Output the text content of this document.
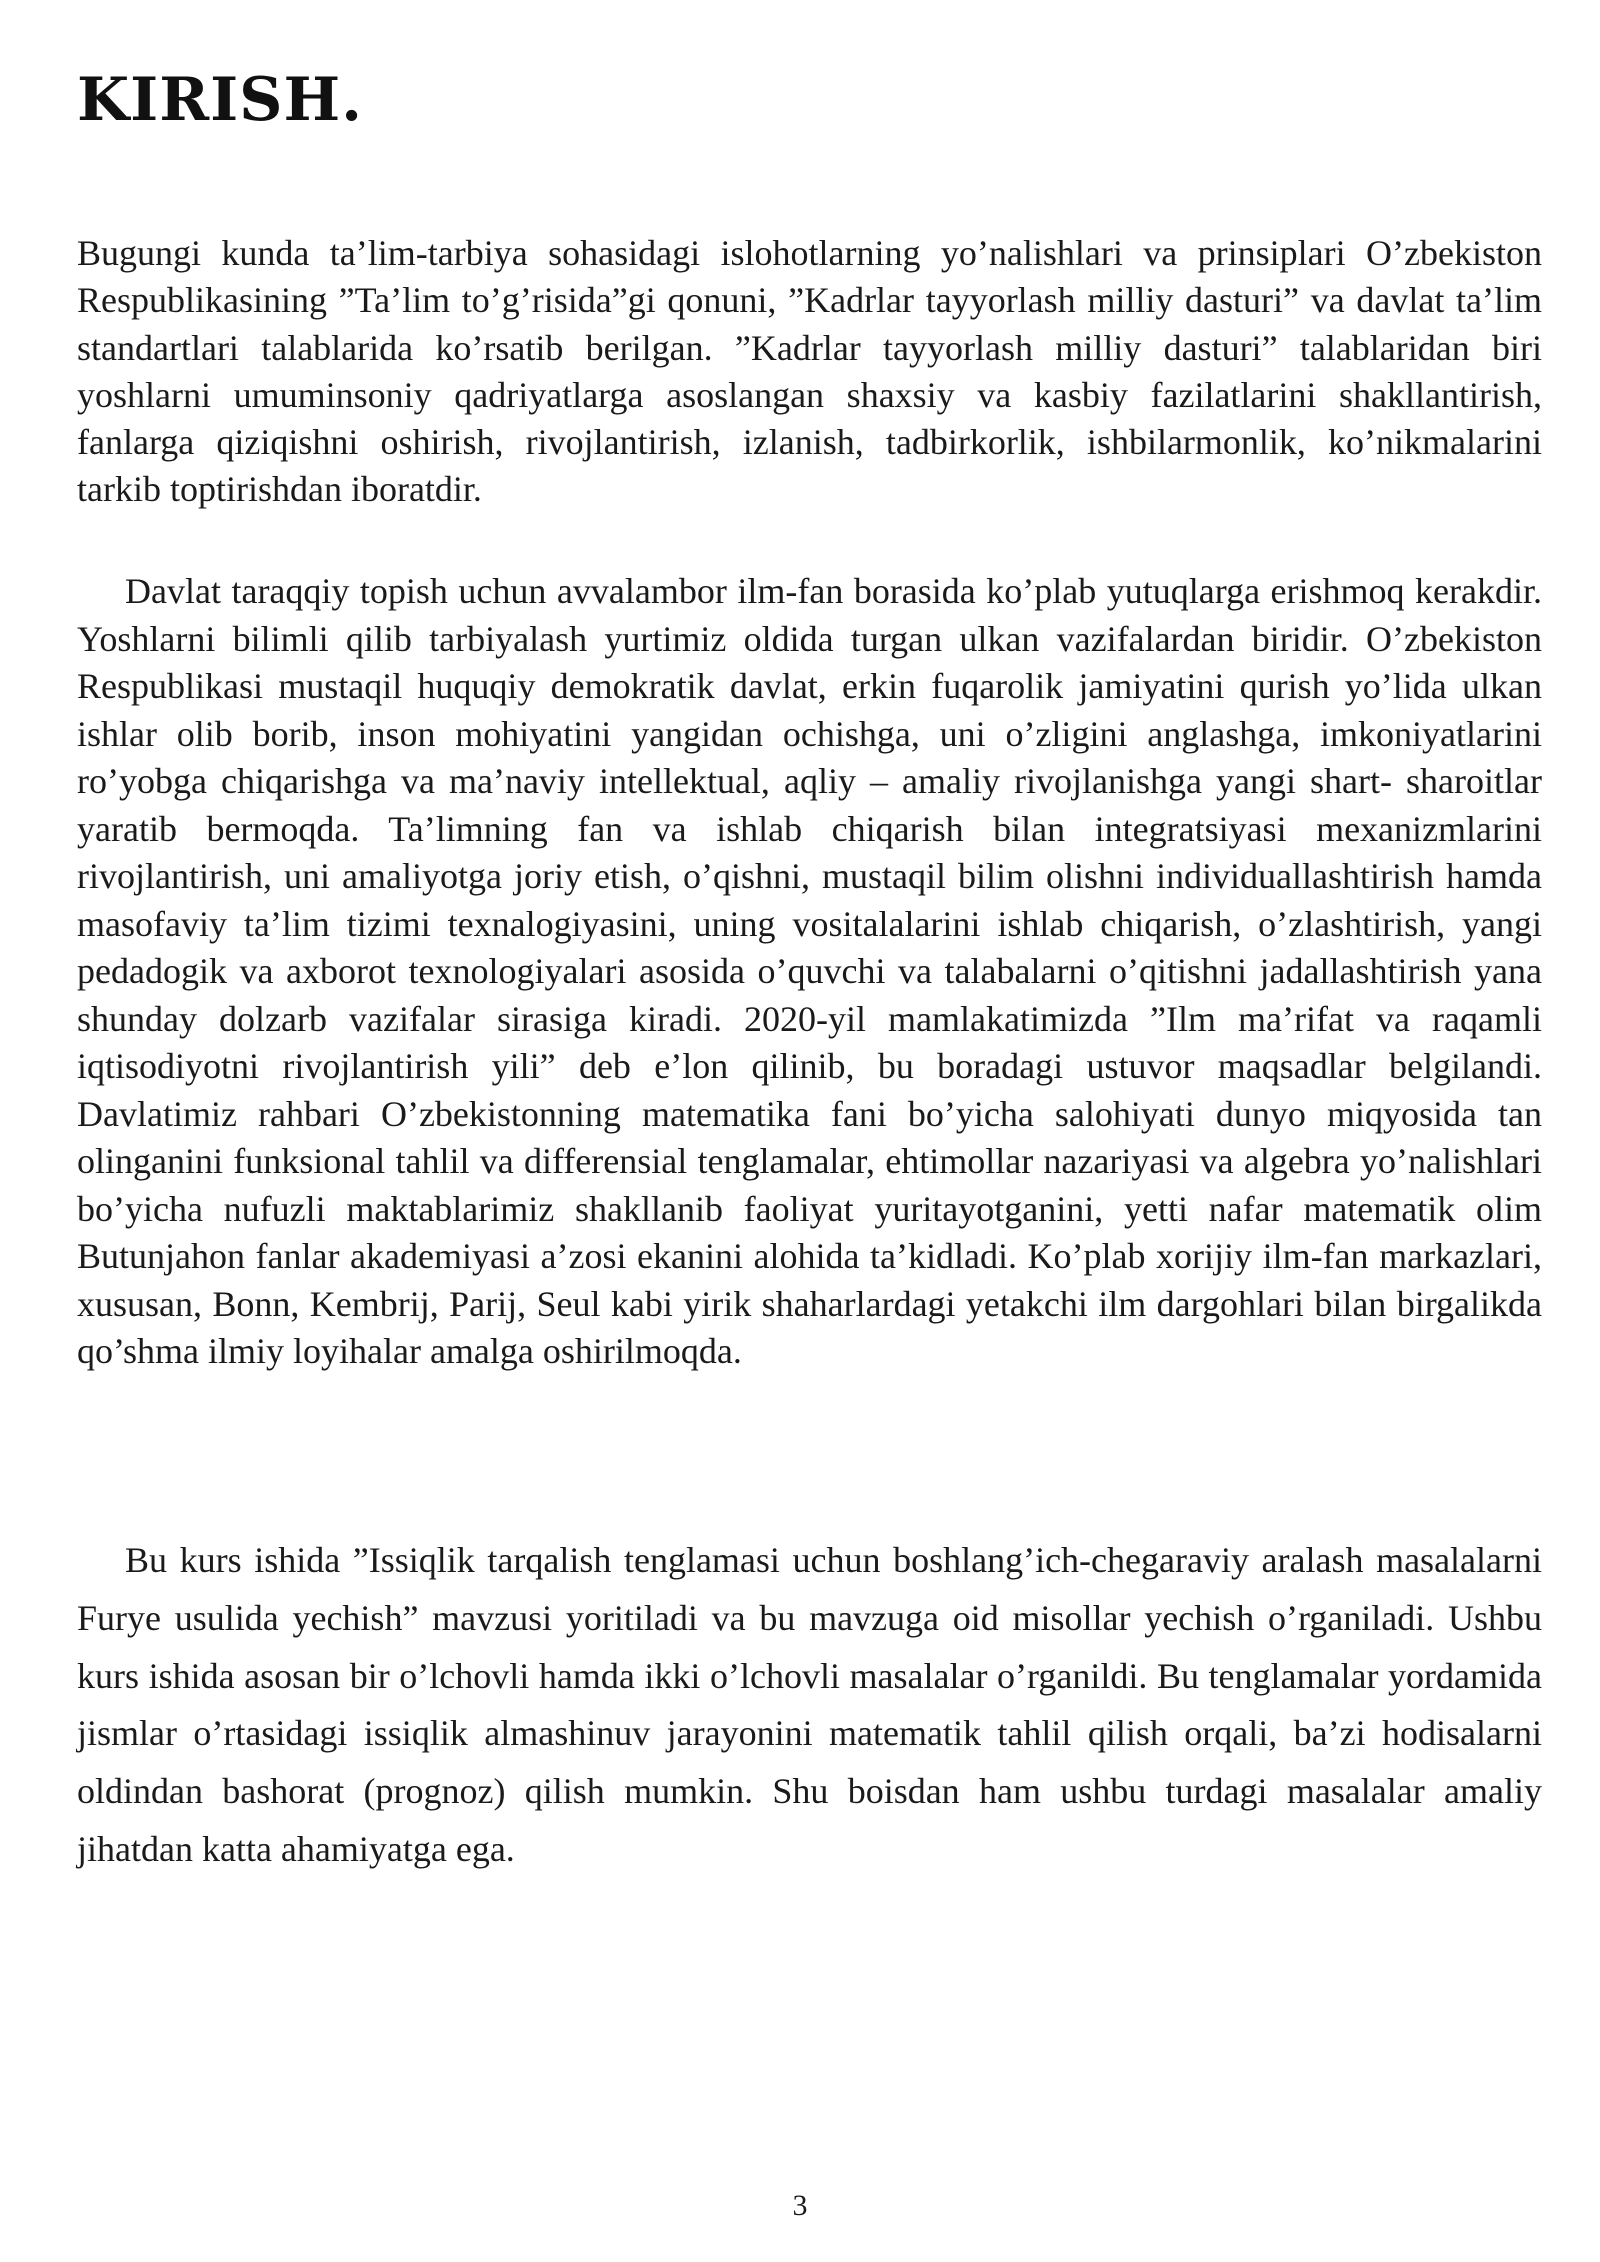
KIRISH.

Bugungi kunda ta’lim-tarbiya sohasidagi islohotlarning yo’nalishlari va prinsiplari O’zbekiston Respublikasining ”Ta’lim to’g’risida”gi qonuni, ”Kadrlar tayyorlash milliy dasturi” va davlat ta’lim standartlari talablarida ko’rsatib berilgan. ”Kadrlar tayyorlash milliy dasturi” talablaridan biri yoshlarni umuminsoniy qadriyatlarga asoslangan shaxsiy va kasbiy fazilatlarini shakllantirish, fanlarga qiziqishni oshirish, rivojlantirish, izlanish, tadbirkorlik, ishbilarmonlik, ko’nikmalarini tarkib toptirishdan iboratdir.

Davlat taraqqiy topish uchun avvalambor ilm-fan borasida ko’plab yutuqlarga erishmoq kerakdir. Yoshlarni bilimli qilib tarbiyalash yurtimiz oldida turgan ulkan vazifalardan biridir. O’zbekiston Respublikasi mustaqil huquqiy demokratik davlat, erkin fuqarolik jamiyatini qurish yo’lida ulkan ishlar olib borib, inson mohiyatini yangidan ochishga, uni o’zligini anglashga, imkoniyatlarini ro’yobga chiqarishga va ma’naviy intellektual, aqliy – amaliy rivojlanishga yangi shart- sharoitlar yaratib bermoqda. Ta’limning fan va ishlab chiqarish bilan integratsiyasi mexanizmlarini rivojlantirish, uni amaliyotga joriy etish, o’qishni, mustaqil bilim olishni individuallashtirish hamda masofaviy ta’lim tizimi texnalogiyasini, uning vositalalarini ishlab chiqarish, o’zlashtirish, yangi pedadogik va axborot texnologiyalari asosida o’quvchi va talabalarni o’qitishni jadallashtirish yana shunday dolzarb vazifalar sirasiga kiradi. 2020-yil mamlakatimizda ”Ilm ma’rifat va raqamli iqtisodiyotni rivojlantirish yili” deb e’lon qilinib, bu boradagi ustuvor maqsadlar belgilandi. Davlatimiz rahbari O’zbekistonning matematika fani bo’yicha salohiyati dunyo miqyosida tan olinganini funksional tahlil va differensial tenglamalar, ehtimollar nazariyasi va algebra yo’nalishlari bo’yicha nufuzli maktablarimiz shakllanib faoliyat yuritayotganini, yetti nafar matematik olim Butunjahon fanlar akademiyasi a’zosi ekanini alohida ta’kidladi. Ko’plab xorijiy ilm-fan markazlari, xususan, Bonn, Kembrij, Parij, Seul kabi yirik shaharlardagi yetakchi ilm dargohlari bilan birgalikda qo’shma ilmiy loyihalar amalga oshirilmoqda.

Bu kurs ishida ”Issiqlik tarqalish tenglamasi uchun boshlang’ich-chegaraviy aralash masalalarni Furye usulida yechish” mavzusi yoritiladi va bu mavzuga oid misollar yechish o’rganiladi. Ushbu kurs ishida asosan bir o’lchovli hamda ikki o’lchovli masalalar o’rganildi. Bu tenglamalar yordamida jismlar o’rtasidagi issiqlik almashinuv jarayonini matematik tahlil qilish orqali, ba’zi hodisalarni oldindan bashorat (prognoz) qilish mumkin. Shu boisdan ham ushbu turdagi masalalar amaliy jihatdan katta ahamiyatga ega.

3
